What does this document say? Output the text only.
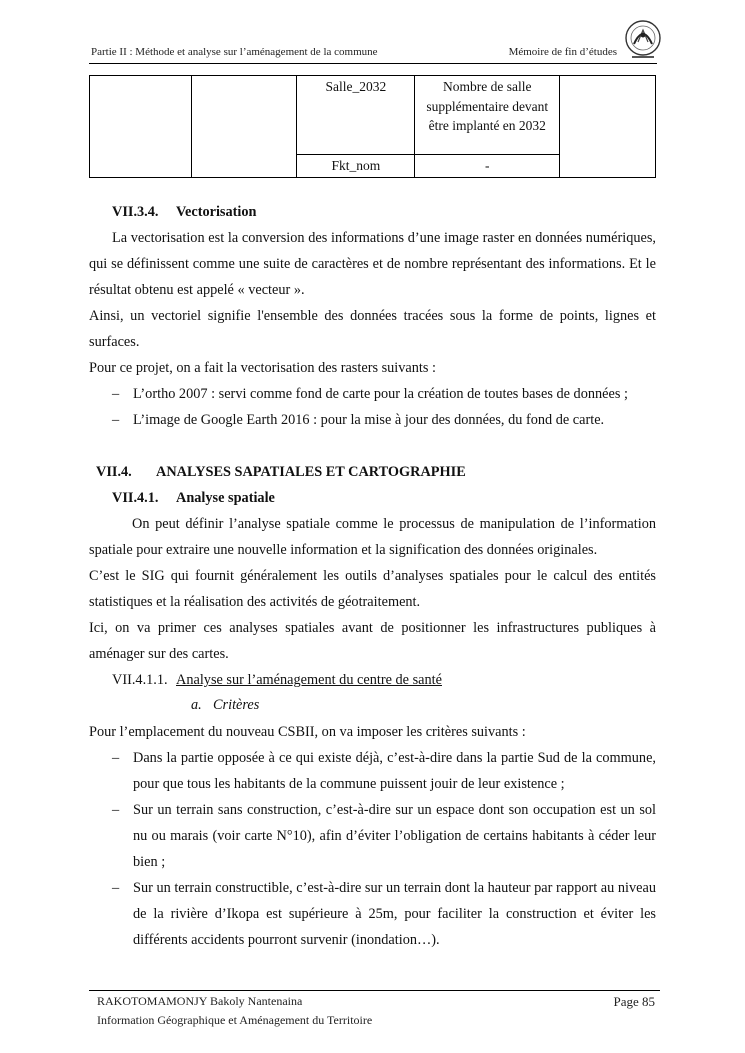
Partie II : Méthode et analyse sur l’aménagement de la commune	Mémoire de fin d’études
		Salle_2032	Nombre de salle supplémentaire devant être implanté en 2032	
		Fkt_nom	-	
VII.3.4. Vectorisation
La vectorisation est la conversion des informations d’une image raster en données numériques, qui se définissent comme une suite de caractères et de nombre représentant des informations. Et le résultat obtenu est appelé « vecteur ».
Ainsi, un vectoriel signifie l'ensemble des données tracées sous la forme de points, lignes et surfaces.
Pour ce projet, on a fait la vectorisation des rasters suivants :
– L’ortho 2007 : servi comme fond de carte pour la création de toutes bases de données ;
– L’image de Google Earth 2016 : pour la mise à jour des données, du fond de carte.
VII.4. ANALYSES SAPATIALES ET CARTOGRAPHIE
VII.4.1. Analyse spatiale
On peut définir l’analyse spatiale comme le processus de manipulation de l’information spatiale pour extraire une nouvelle information et la signification des données originales.
C’est le SIG qui fournit généralement les outils d’analyses spatiales pour le calcul des entités statistiques et la réalisation des activités de géotraitement.
Ici, on va primer ces analyses spatiales avant de positionner les infrastructures publiques à aménager sur des cartes.
VII.4.1.1. Analyse sur l’aménagement du centre de santé
a. Critères
Pour l’emplacement du nouveau CSBII, on va imposer les critères suivants :
– Dans la partie opposée à ce qui existe déjà, c’est-à-dire dans la partie Sud de la commune, pour que tous les habitants de la commune puissent jouir de leur existence ;
– Sur un terrain sans construction, c’est-à-dire sur un espace dont son occupation est un sol nu ou marais (voir carte N°10), afin d’éviter l’obligation de certains habitants à céder leur bien ;
– Sur un terrain constructible, c’est-à-dire sur un terrain dont la hauteur par rapport au niveau de la rivière d’Ikopa est supérieure à 25m, pour faciliter la construction et éviter les différents accidents pourront survenir (inondation…).
RAKOTOMAMONJY Bakoly Nantenaina
Information Géographique et Aménagement du Territoire
Page 85
